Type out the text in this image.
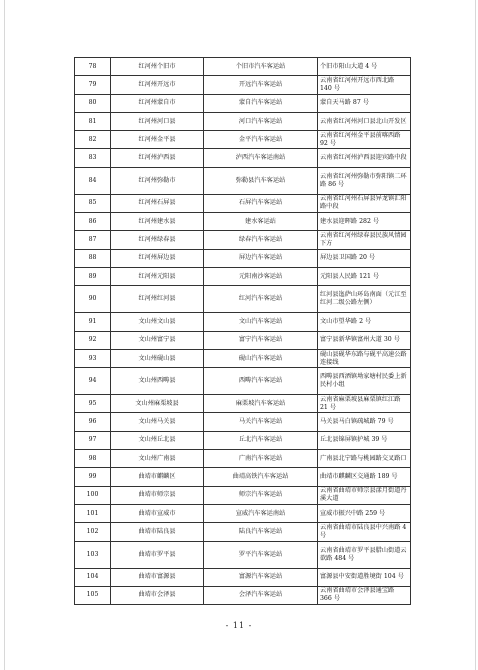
78	红河州个旧市	个旧市汽车客运站	个旧市阳山大道 4 号
79	红河州开远市	开远汽车客运站	云南省红河州开远市西北路 140 号
80	红河州蒙自市	蒙自汽车客运站	蒙自天马路 87 号
81	红河州河口县	河口汽车客运站	云南省红河州河口县北山开发区
82	红河州金平县	金平汽车客运站	云南省红河州金平县前喀西路 92 号
83	红河州泸西县	泸西汽车客运南站	云南省红河州泸西县迎宾路中段
84	红河州弥勒市	弥勒县汽车客运站	云南省红河州弥勒市弥阳镇二环路 86 号
85	红河州石屏县	石屏汽车客运站	云南省红河州石屏县异龙镇汇阳路中段
86	红河州建水县	建水客运站	建水县迎晖路 282 号
87	红河州绿春县	绿春汽车客运站	云南省红河州绿春县民族风情园下方
88	红河州屏边县	屏边汽车客运站	屏边县卫国路 20 号
89	红河州元阳县	元阳南沙客运站	元阳县人民路 121 号
90	红河州红河县	红河汽车客运站	红河县迤萨山环岛南面（元江至红河二级公路左侧）
91	文山州文山县	文山汽车客运站	文山市望华路 2 号
92	文山州富宁县	富宁汽车客运站	富宁县新华镇富州大道 30 号
93	文山州砚山县	砚山汽车客运站	砚山县砚华东路与砚平高速公路连接线
94	文山州西畴县	西畴汽车客运站	西畴县西洒镇坳家塘村民委上新民村小组
95	文山州麻栗坡县	麻栗坡汽车客运站	云南省麻栗坡县麻栗镇红江路 21 号
96	文山州马关县	马关汽车客运站	马关县马白镇疏城路 79 号
97	文山州丘北县	丘北汽车客运站	丘北县锦屏镇护城 39 号
98	文山州广南县	广南汽车客运站	广南县北宁路与桃园路交叉路口
99	曲靖市麒麟区	曲靖高铁汽车客运站	曲靖市麒麟区交通路 189 号
100	曲靖市师宗县	师宗汽车客运站	云南省曲靖市师宗县漾月街道丹溪大道
101	曲靖市宣威市	宣威汽车客运南站	宣威市振兴中路 259 号
102	曲靖市陆良县	陆良汽车客运站	云南省曲靖市陆良县中兴南路 4 号
103	曲靖市罗平县	罗平汽车客运站	云南省曲靖市罗平县腊山街道云欲路 484 号
104	曲靖市富源县	富源汽车客运站	富源县中安街道胜境街 104 号
105	曲靖市会泽县	会泽汽车客运站	云南省曲靖市会泽县通宝路 366 号
- 11 -
